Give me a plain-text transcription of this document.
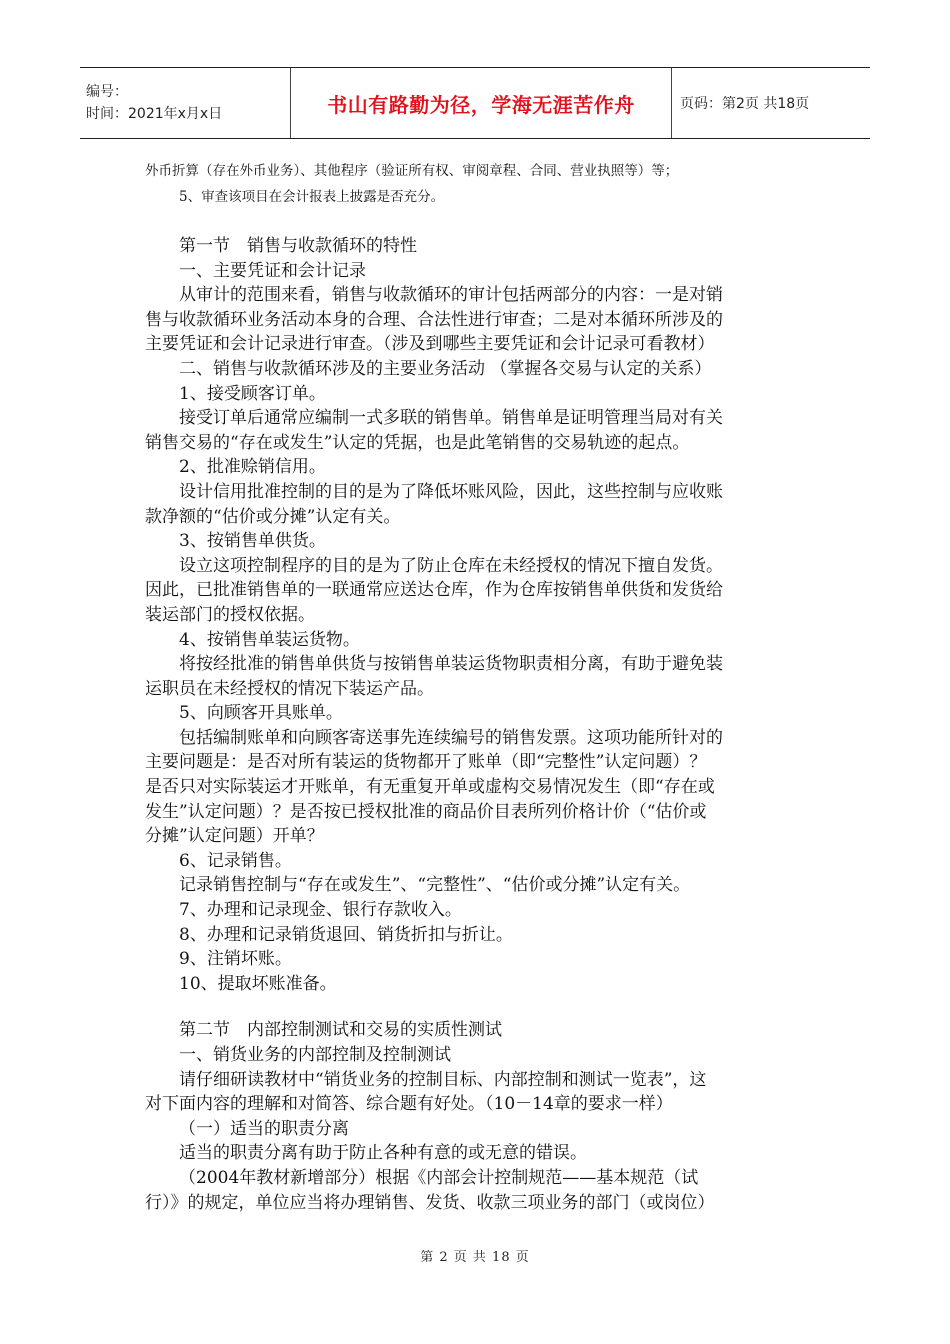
编号：
时间：2021年x月x日	书山有路勤为径，学海无涯苦作舟	页码：第2页 共18页
外币折算（存在外币业务）、其他程序（验证所有权、审阅章程、合同、营业执照等）等；
5、审查该项目在会计报表上披露是否充分。
第一节　销售与收款循环的特性
一、主要凭证和会计记录
从审计的范围来看，销售与收款循环的审计包括两部分的内容：一是对销
售与收款循环业务活动本身的合理、合法性进行审查；二是对本循环所涉及的
主要凭证和会计记录进行审查。（涉及到哪些主要凭证和会计记录可看教材）
二、销售与收款循环涉及的主要业务活动 （掌握各交易与认定的关系）
1、接受顾客订单。
接受订单后通常应编制一式多联的销售单。销售单是证明管理当局对有关
销售交易的“存在或发生”认定的凭据，也是此笔销售的交易轨迹的起点。
2、批准赊销信用。
设计信用批准控制的目的是为了降低坏账风险，因此，这些控制与应收账
款净额的“估价或分摊”认定有关。
3、按销售单供货。
设立这项控制程序的目的是为了防止仓库在未经授权的情况下擅自发货。
因此，已批准销售单的一联通常应送达仓库，作为仓库按销售单供货和发货给
装运部门的授权依据。
4、按销售单装运货物。
将按经批准的销售单供货与按销售单装运货物职责相分离，有助于避免装
运职员在未经授权的情况下装运产品。
5、向顾客开具账单。
包括编制账单和向顾客寄送事先连续编号的销售发票。这项功能所针对的
主要问题是：是否对所有装运的货物都开了账单（即“完整性”认定问题）？
是否只对实际装运才开账单，有无重复开单或虚构交易情况发生（即“存在或
发生”认定问题）？是否按已授权批准的商品价目表所列价格计价（“估价或
分摊”认定问题）开单？
6、记录销售。
记录销售控制与“存在或发生”、“完整性”、“估价或分摊”认定有关。
7、办理和记录现金、银行存款收入。
8、办理和记录销货退回、销货折扣与折让。
9、注销坏账。
10、提取坏账准备。
第二节　内部控制测试和交易的实质性测试
一、销货业务的内部控制及控制测试
请仔细研读教材中“销货业务的控制目标、内部控制和测试一览表”，这
对下面内容的理解和对简答、综合题有好处。（10－14章的要求一样）
（一）适当的职责分离
适当的职责分离有助于防止各种有意的或无意的错误。
（2004年教材新增部分）根据《内部会计控制规范——基本规范（试
行）》的规定，单位应当将办理销售、发货、收款三项业务的部门（或岗位）
第 2 页 共 18 页
